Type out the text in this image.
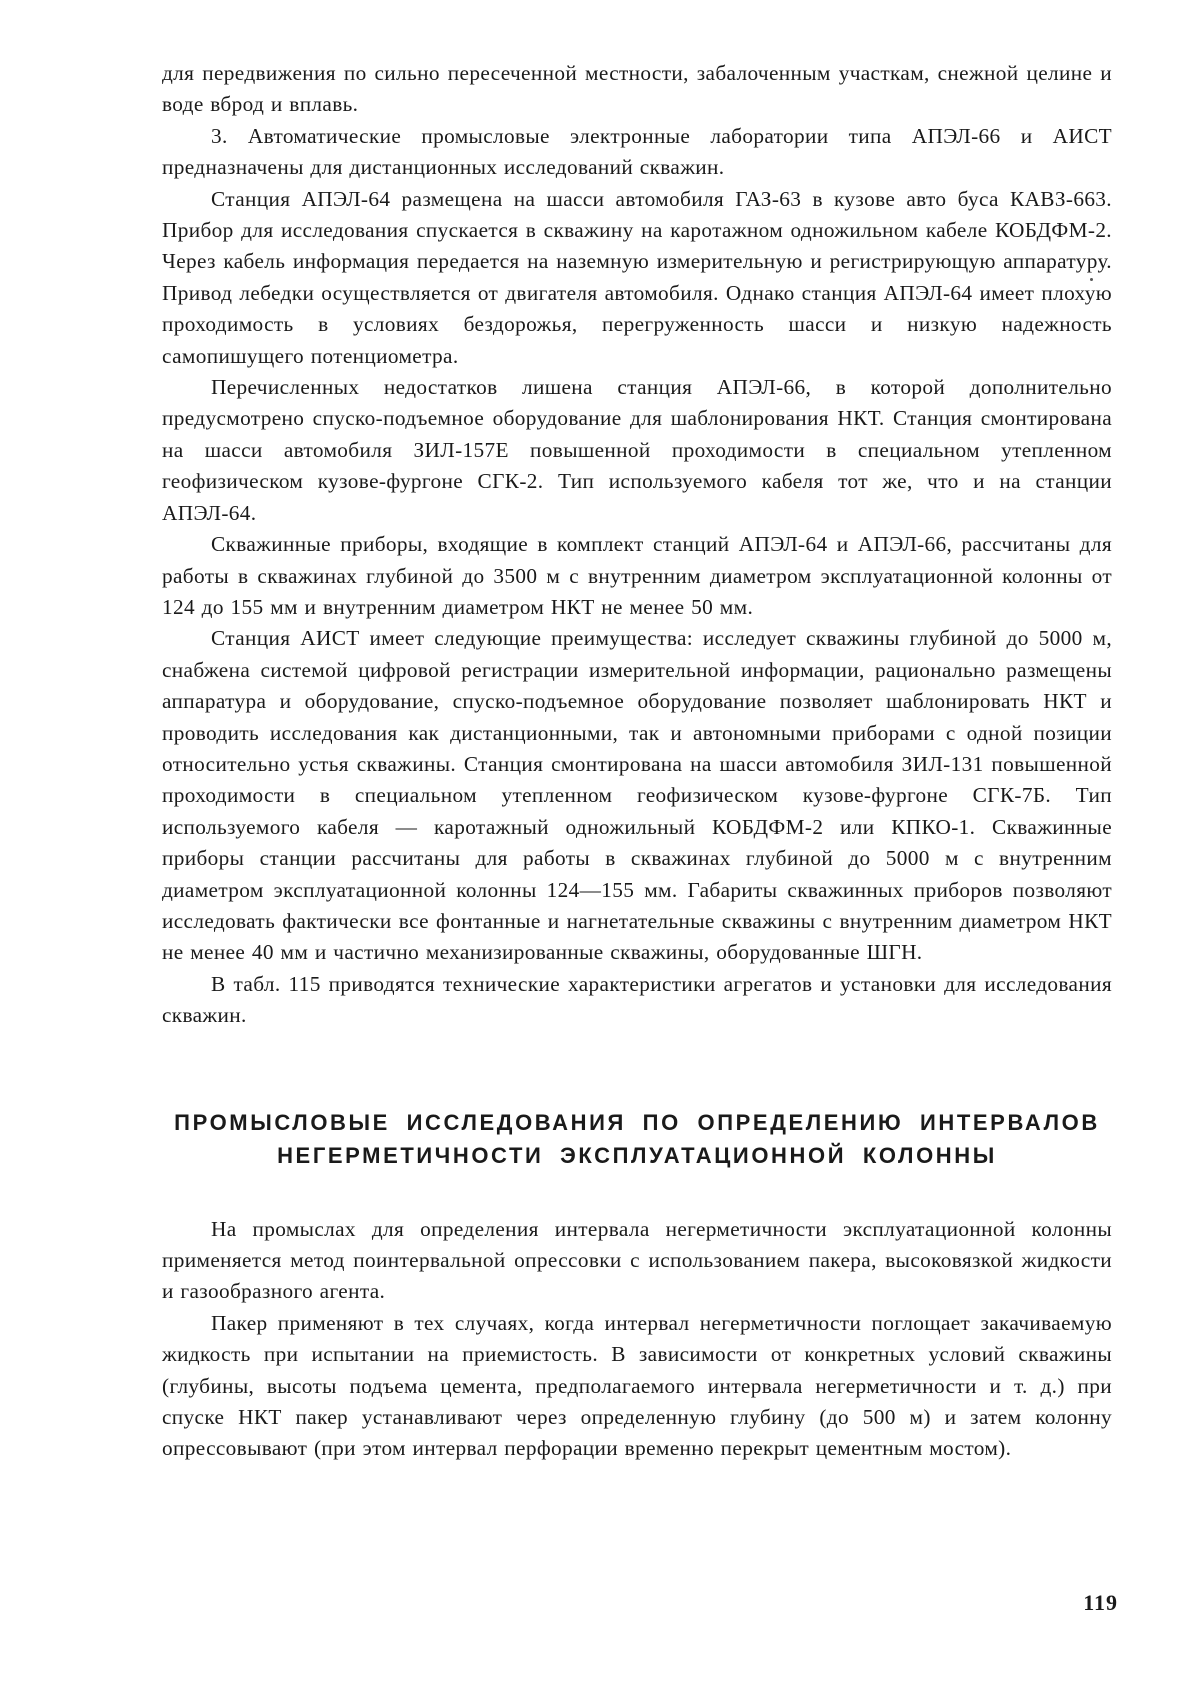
для передвижения по сильно пересеченной местности, забалоченным участкам, снежной целине и воде вброд и вплавь.

3. Автоматические промысловые электронные лаборатории типа АПЭЛ-66 и АИСТ предназначены для дистанционных исследований скважин.

Станция АПЭЛ-64 размещена на шасси автомобиля ГАЗ-63 в кузове авто буса КАВЗ-663. Прибор для исследования спускается в скважину на каротажном одножильном кабеле КОБДФМ-2. Через кабель информация передается на наземную измерительную и регистрирующую аппаратуру. Привод лебедки осуществляется от двигателя автомобиля. Однако станция АПЭЛ-64 имеет плохую проходимость в условиях бездорожья, перегруженность шасси и низкую надежность самопишущего потенциометра.

Перечисленных недостатков лишена станция АПЭЛ-66, в которой дополнительно предусмотрено спуско-подъемное оборудование для шаблонирования НКТ. Станция смонтирована на шасси автомобиля ЗИЛ-157Е повышенной проходимости в специальном утепленном геофизическом кузове-фургоне СГК-2. Тип используемого кабеля тот же, что и на станции АПЭЛ-64.

Скважинные приборы, входящие в комплект станций АПЭЛ-64 и АПЭЛ-66, рассчитаны для работы в скважинах глубиной до 3500 м с внутренним диаметром эксплуатационной колонны от 124 до 155 мм и внутренним диаметром НКТ не менее 50 мм.

Станция АИСТ имеет следующие преимущества: исследует скважины глубиной до 5000 м, снабжена системой цифровой регистрации измерительной информации, рационально размещены аппаратура и оборудование, спуско-подъемное оборудование позволяет шаблонировать НКТ и проводить исследования как дистанционными, так и автономными приборами с одной позиции относительно устья скважины. Станция смонтирована на шасси автомобиля ЗИЛ-131 повышенной проходимости в специальном утепленном геофизическом кузове-фургоне СГК-7Б. Тип используемого кабеля — каротажный одножильный КОБДФМ-2 или КПКО-1. Скважинные приборы станции рассчитаны для работы в скважинах глубиной до 5000 м с внутренним диаметром эксплуатационной колонны 124—155 мм. Габариты скважинных приборов позволяют исследовать фактически все фонтанные и нагнетательные скважины с внутренним диаметром НКТ не менее 40 мм и частично механизированные скважины, оборудованные ШГН.

В табл. 115 приводятся технические характеристики агрегатов и установки для исследования скважин.

ПРОМЫСЛОВЫЕ ИССЛЕДОВАНИЯ ПО ОПРЕДЕЛЕНИЮ ИНТЕРВАЛОВ
НЕГЕРМЕТИЧНОСТИ ЭКСПЛУАТАЦИОННОЙ КОЛОННЫ

На промыслах для определения интервала негерметичности эксплуатационной колонны применяется метод поинтервальной опрессовки с использованием пакера, высоковязкой жидкости и газообразного агента.

Пакер применяют в тех случаях, когда интервал негерметичности поглощает закачиваемую жидкость при испытании на приемистость. В зависимости от конкретных условий скважины (глубины, высоты подъема цемента, предполагаемого интервала негерметичности и т. д.) при спуске НКТ пакер устанавливают через определенную глубину (до 500 м) и затем колонну опрессовывают (при этом интервал перфорации временно перекрыт цементным мостом).

119
